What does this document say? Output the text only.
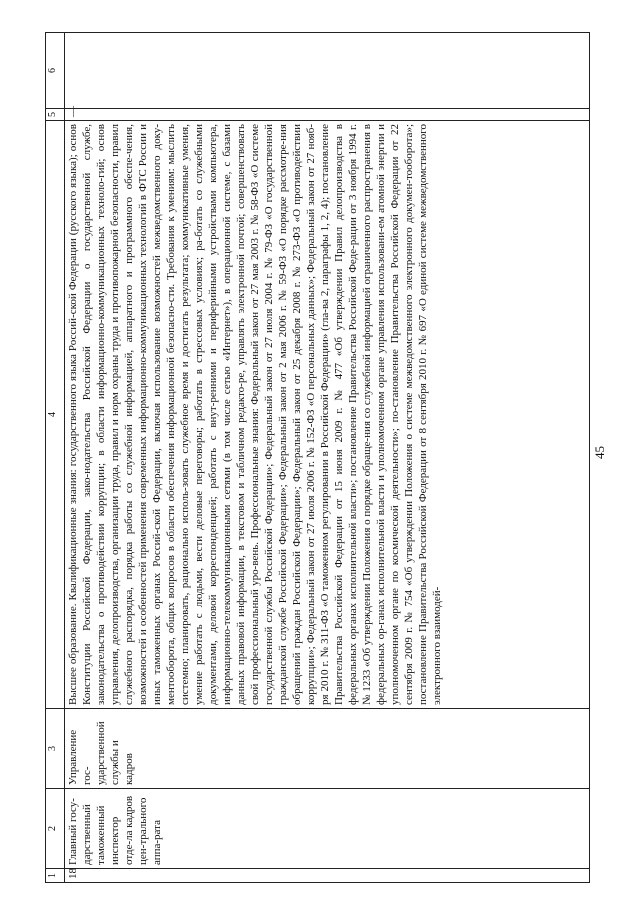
45
1	2	3	4	5	6
18	Главный госу-дарственный таможенный инспектор отде-ла кадров цен-трального аппа-рата	Управление гос-ударственной службы и кадров	Высшее образование. Квалификационные знания: государственного языка Россий-ской Федерации (русского языка); основ Конституции Российской Федерации, зако-нодательства Российской Федерации о государственной службе, законодательства о противодействии коррупции; в области информационно-коммуникационных техноло-гий; основ управления, делопроизводства, организации труда, правил и норм охраны труда и противопожарной безопасности, правил служебного распорядка, порядка работы со служебной информацией, аппаратного и программного обеспе-чения, возможностей и особенностей применения современных информационно-коммуникационных технологий в ФТС России и иных таможенных органах Россий-ской Федерации, включая использование возможностей межведомственного доку-ментооборота, общих вопросов в области обеспечения информационной безопасно-сти. Требования к умениям: мыслить системно; планировать, рационально исполь-зовать служебное время и достигать результата; коммуникативные умения, умение работать с людьми, вести деловые переговоры; работать в стрессовых условиях; ра-ботать со служебными документами, деловой корреспонденцией; работать с внут-ренними и периферийными устройствами компьютера, информационно-телекоммуникационными сетями (в том числе сетью «Интернет»), в операционной системе, с базами данных правовой информации, в текстовом и табличном редакто-ре, управлять электронной почтой; совершенствовать свой профессиональный уро-вень. Профессиональные знания: Федеральный закон от 27 мая 2003 г. № 58-ФЗ «О системе государственной службы Российской Федерации»; Федеральный закон от 27 июля 2004 г. № 79-ФЗ «О государственной гражданской службе Российской Федерации»; Федеральный закон от 2 мая 2006 г. № 59-ФЗ «О порядке рассмотре-ния обращений граждан Российской Федерации»; Федеральный закон от 25 декабря 2008 г. № 273-ФЗ «О противодействии коррупции»; Федеральный закон от 27 июля 2006 г. № 152-ФЗ «О персональных данных»; Федеральный закон от 27 нояб-ря 2010 г. № 311-ФЗ «О таможенном регулировании в Российской Федерации» (гла-ва 2, параграфы 1, 2, 4); постановление Правительства Российской Федерации от 15 июня 2009 г. № 477 «Об утверждении Правил делопроизводства в федеральных органах исполнительной власти»; постановление Правительства Российской Феде-рации от 3 ноября 1994 г. № 1233 «Об утверждении Положения о порядке обраще-ния со служебной информацией ограниченного распространения в федеральных ор-ганах исполнительной власти и уполномоченном органе управления использовани-ем атомной энергии и уполномоченном органе по космической деятельности»; по-становление Правительства Российской Федерации от 22 сентября 2009 г. № 754 «Об утверждении Положения о системе межведомственного электронного докумен-тооборота»; постановление Правительства Российской Федерации от 8 сентября 2010 г. № 697 «О единой системе межведомственного электронного взаимодей-	—	
